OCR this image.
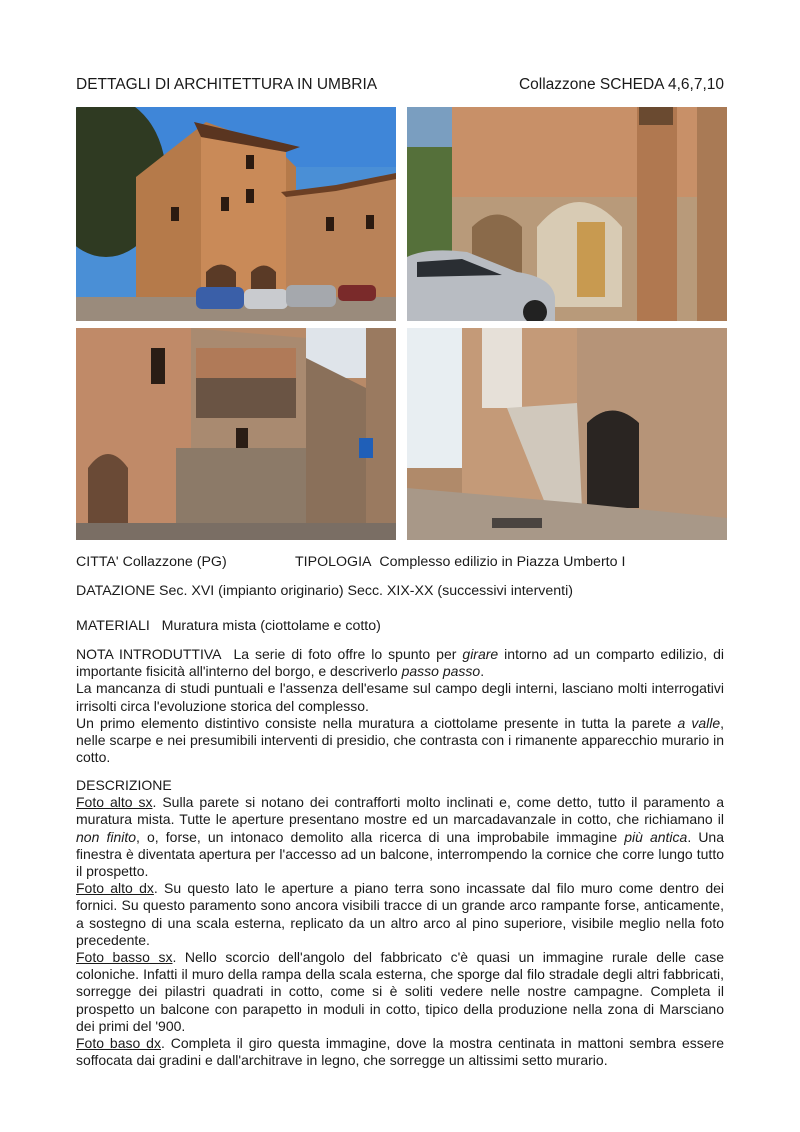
DETTAGLI DI ARCHITETTURA IN UMBRIA	Collazzone SCHEDA 4,6,7,10
CITTA' Collazzone (PG)	TIPOLOGIA Complesso edilizio in Piazza Umberto I
DATAZIONE Sec. XVI (impianto originario) Secc. XIX-XX (successivi interventi)
MATERIALI Muratura mista (ciottolame e cotto)

NOTA INTRODUTTIVA La serie di foto offre lo spunto per girare intorno ad un comparto edilizio, di importante fisicità all'interno del borgo, e descriverlo passo passo.

La mancanza di studi puntuali e l'assenza dell'esame sul campo degli interni, lasciano molti interrogativi irrisolti circa l'evoluzione storica del complesso.

Un primo elemento distintivo consiste nella muratura a ciottolame presente in tutta la parete a valle, nelle scarpe e nei presumibili interventi di presidio, che contrasta con i rimanente apparecchio murario in cotto.

DESCRIZIONE

Foto alto sx. Sulla parete si notano dei contrafforti molto inclinati e, come detto, tutto il paramento a muratura mista. Tutte le aperture presentano mostre ed un marcadavanzale in cotto, che richiamano il non finito, o, forse, un intonaco demolito alla ricerca di una improbabile immagine più antica. Una finestra è diventata apertura per l'accesso ad un balcone, interrompendo la cornice che corre lungo tutto il prospetto.

Foto alto dx. Su questo lato le aperture a piano terra sono incassate dal filo muro come dentro dei fornici. Su questo paramento sono ancora visibili tracce di un grande arco rampante forse, anticamente, a sostegno di una scala esterna, replicato da un altro arco al pino superiore, visibile meglio nella foto precedente.

Foto basso sx. Nello scorcio dell'angolo del fabbricato c'è quasi un immagine rurale delle case coloniche. Infatti il muro della rampa della scala esterna, che sporge dal filo stradale degli altri fabbricati, sorregge dei pilastri quadrati in cotto, come si è soliti vedere nelle nostre campagne. Completa il prospetto un balcone con parapetto in moduli in cotto, tipico della produzione nella zona di Marsciano dei primi del '900.

Foto baso dx. Completa il giro questa immagine, dove la mostra centinata in mattoni sembra essere soffocata dai gradini e dall'architrave in legno, che sorregge un altissimi setto murario.
